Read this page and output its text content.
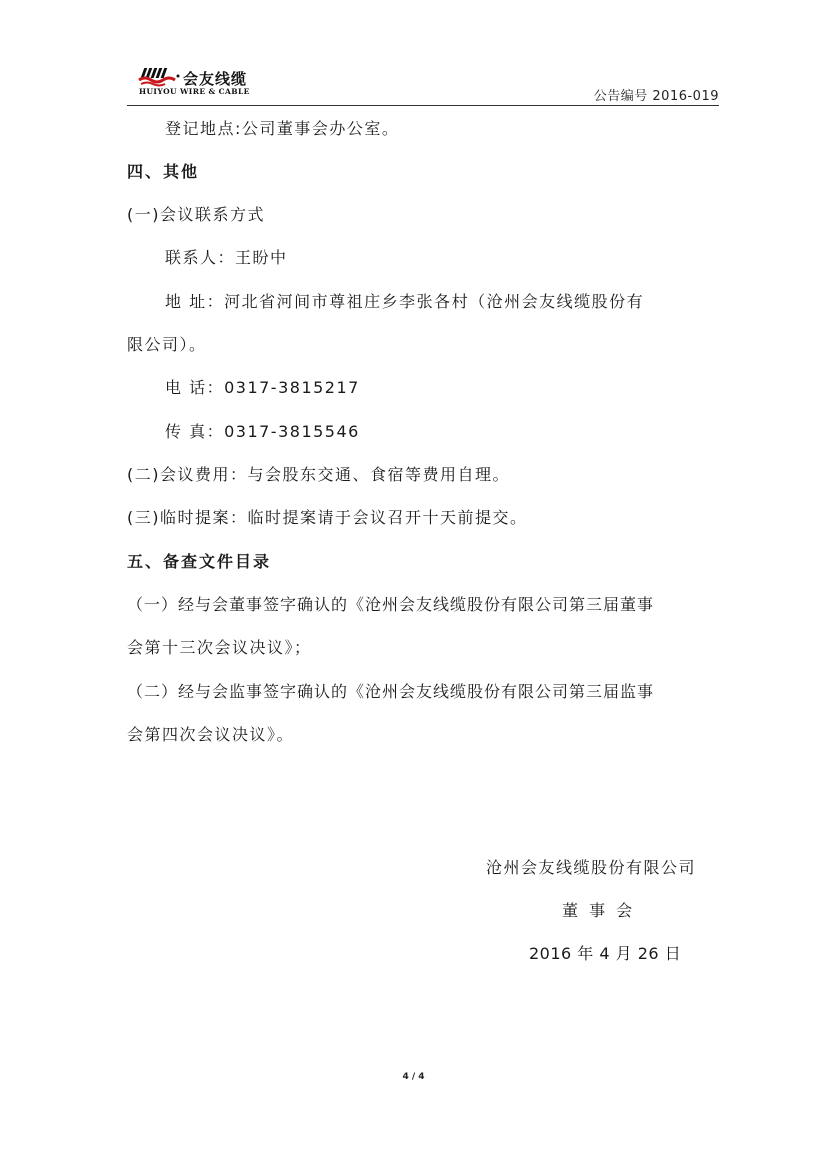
会友线缆
HUIYOU WIRE & CABLE	公告编号 2016-019
登记地点:公司董事会办公室。
四、其他
(一)会议联系方式
联系人：王盼中
地 址：河北省河间市尊祖庄乡李张各村（沧州会友线缆股份有
限公司）。
电 话：0317-3815217
传 真：0317-3815546
(二)会议费用：与会股东交通、食宿等费用自理。
(三)临时提案：临时提案请于会议召开十天前提交。
五、备查文件目录
（一）经与会董事签字确认的《沧州会友线缆股份有限公司第三届董事
会第十三次会议决议》；
（二）经与会监事签字确认的《沧州会友线缆股份有限公司第三届监事
会第四次会议决议》。
沧州会友线缆股份有限公司
董 事 会
2016 年 4 月 26 日
4 / 4
